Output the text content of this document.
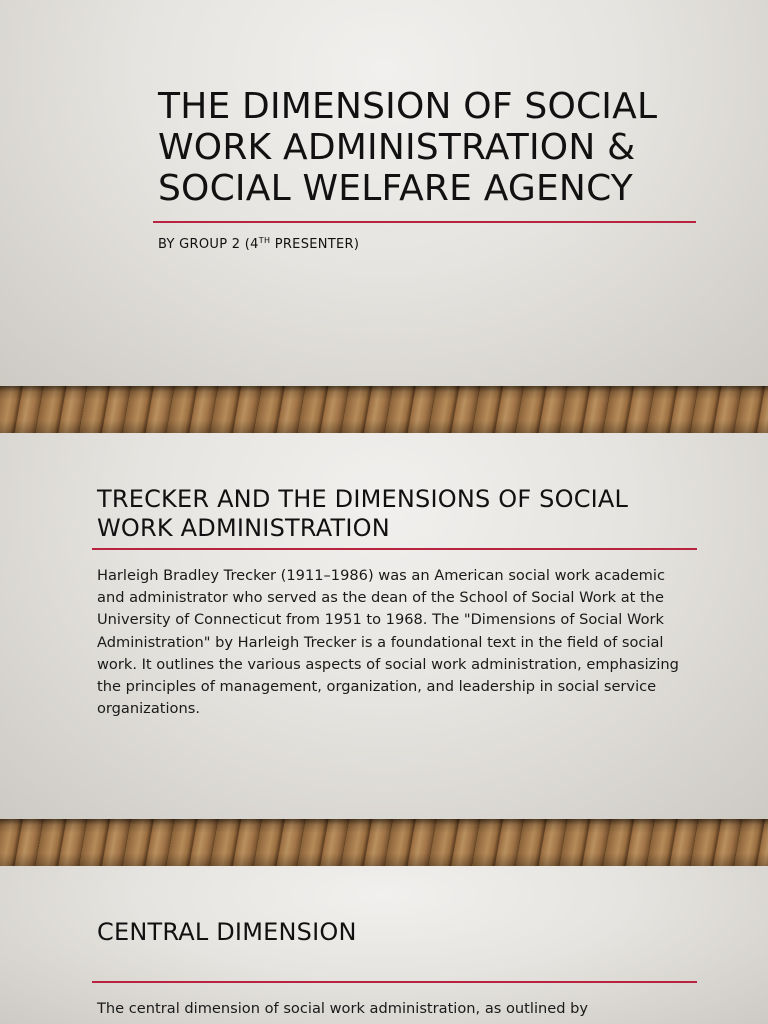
THE DIMENSION OF SOCIAL WORK ADMINISTRATION & SOCIAL WELFARE AGENCY
BY GROUP 2 (4TH PRESENTER)
TRECKER AND THE DIMENSIONS OF SOCIAL WORK ADMINISTRATION

Harleigh Bradley Trecker (1911–1986) was an American social work academic and administrator who served as the dean of the School of Social Work at the University of Connecticut from 1951 to 1968. The "Dimensions of Social Work Administration" by Harleigh Trecker is a foundational text in the field of social work. It outlines the various aspects of social work administration, emphasizing the principles of management, organization, and leadership in social service organizations.

CENTRAL DIMENSION

The central dimension of social work administration, as outlined by
